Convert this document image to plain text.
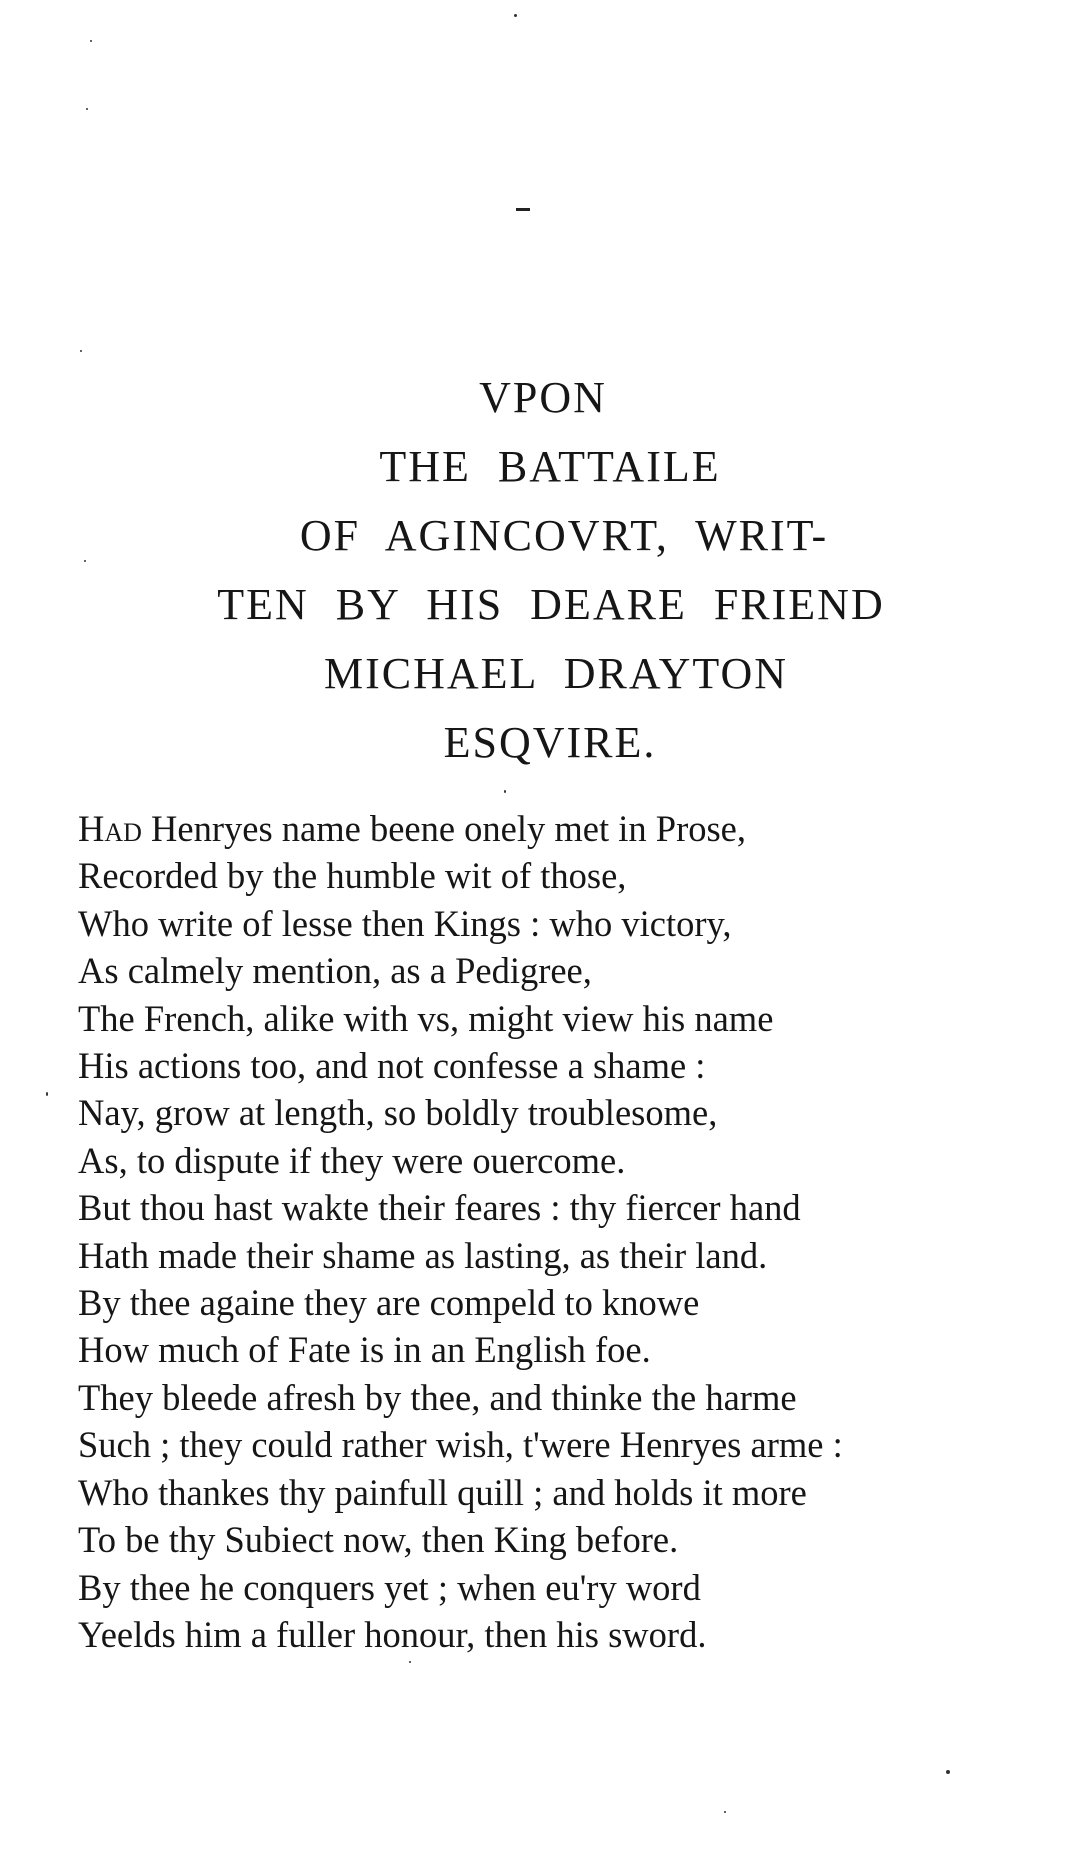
VPON
THE BATTAILE
OF AGINCOVRT, WRIT-
TEN BY HIS DEARE FRIEND
MICHAEL DRAYTON
ESQVIRE.
Had Henryes name beene onely met in Prose,
Recorded by the humble wit of those,
Who write of lesse then Kings : who victory,
As calmely mention, as a Pedigree,
The French, alike with vs, might view his name
His actions too, and not confesse a shame :
Nay, grow at length, so boldly troublesome,
As, to dispute if they were ouercome.
But thou hast wakte their feares : thy fiercer hand
Hath made their shame as lasting, as their land.
By thee againe they are compeld to knowe
How much of Fate is in an English foe.
They bleede afresh by thee, and thinke the harme
Such ; they could rather wish, t'were Henryes arme :
Who thankes thy painfull quill ; and holds it more
To be thy Subiect now, then King before.
By thee he conquers yet ; when eu'ry word
Yeelds him a fuller honour, then his sword.
